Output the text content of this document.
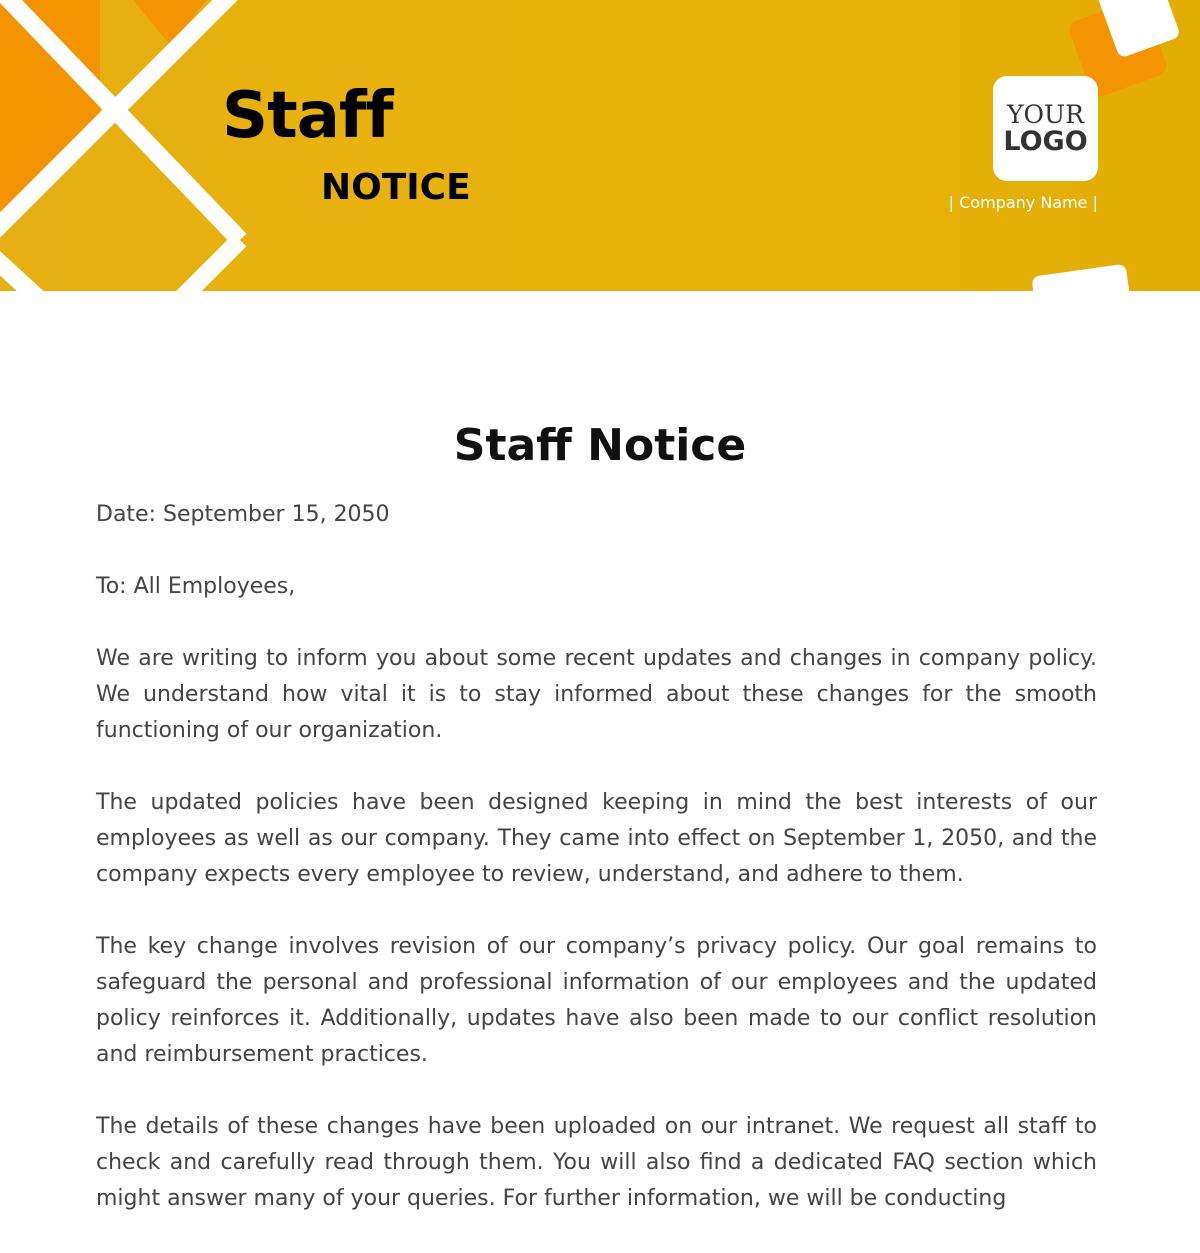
Staff
NOTICE
YOUR
LOGO
| Company Name |
Staff Notice

Date: September 15, 2050

To: All Employees,

We are writing to inform you about some recent updates and changes in company policy. We understand how vital it is to stay informed about these changes for the smooth functioning of our organization.

The updated policies have been designed keeping in mind the best interests of our employees as well as our company. They came into effect on September 1, 2050, and the company expects every employee to review, understand, and adhere to them.

The key change involves revision of our company’s privacy policy. Our goal remains to safeguard the personal and professional information of our employees and the updated policy reinforces it. Additionally, updates have also been made to our conflict resolution and reimbursement practices.

The details of these changes have been uploaded on our intranet. We request all staff to check and carefully read through them. You will also find a dedicated FAQ section which might answer many of your queries. For further information, we will be conducting
